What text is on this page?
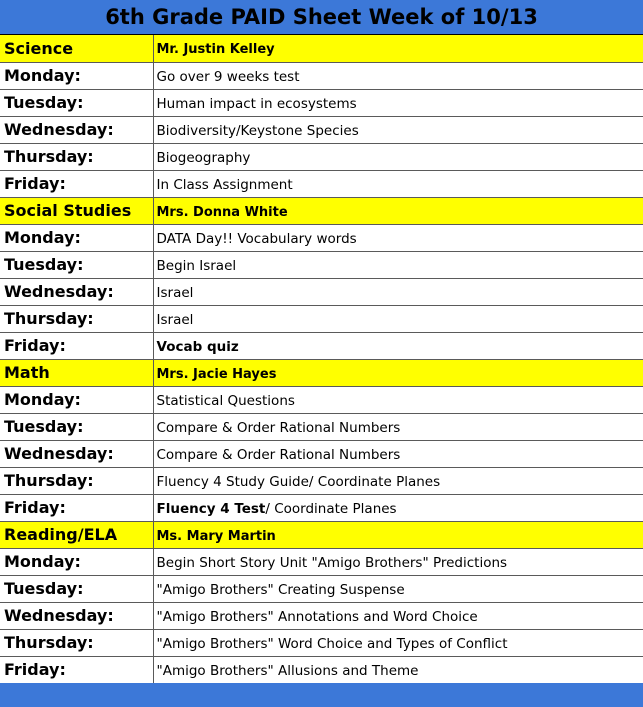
6th Grade PAID Sheet Week of 10/13
Science	Mr. Justin Kelley
Monday:	Go over 9 weeks test
Tuesday:	Human impact in ecosystems
Wednesday:	Biodiversity/Keystone Species
Thursday:	Biogeography
Friday:	In Class Assignment
Social Studies	Mrs. Donna White
Monday:	DATA Day!! Vocabulary words
Tuesday:	Begin Israel
Wednesday:	Israel
Thursday:	Israel
Friday:	Vocab quiz
Math	Mrs. Jacie Hayes
Monday:	Statistical Questions
Tuesday:	Compare & Order Rational Numbers
Wednesday:	Compare & Order Rational Numbers
Thursday:	Fluency 4 Study Guide/ Coordinate Planes
Friday:	Fluency 4 Test/ Coordinate Planes
Reading/ELA	Ms. Mary Martin
Monday:	Begin Short Story Unit "Amigo Brothers" Predictions
Tuesday:	"Amigo Brothers" Creating Suspense
Wednesday:	"Amigo Brothers" Annotations and Word Choice
Thursday:	"Amigo Brothers" Word Choice and Types of Conflict
Friday:	"Amigo Brothers" Allusions and Theme
